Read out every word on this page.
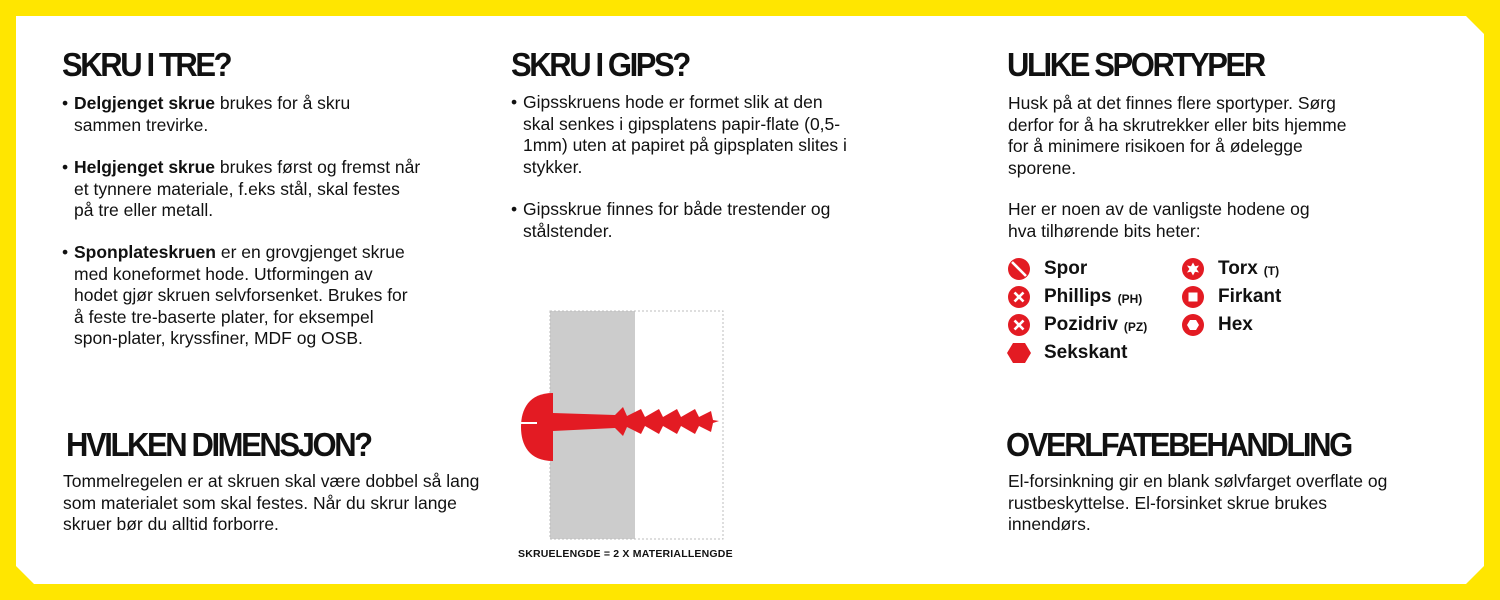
SKRU I TRE?
• Delgjenget skrue brukes for å skru sammen trevirke.
• Helgjenget skrue brukes først og fremst når et tynnere materiale, f.eks stål, skal festes på tre eller metall.
• Sponplateskruen er en grovgjenget skrue med koneformet hode. Utformingen av hodet gjør skruen selvforsenket. Brukes for å feste tre-baserte plater, for eksempel spon-plater, kryssfiner, MDF og OSB.
HVILKEN DIMENSJON?

Tommelregelen er at skruen skal være dobbel så lang som materialet som skal festes. Når du skrur lange skruer bør du alltid forborre.

SKRU I GIPS?
• Gipsskruens hode er formet slik at den skal senkes i gipsplatens papir-flate (0,5-1mm) uten at papiret på gipsplaten slites i stykker.
• Gipsskrue finnes for både trestender og stålstender.
SKRUELENGDE = 2 X MATERIALLENGDE
ULIKE SPORTYPER

Husk på at det finnes flere sportyper. Sørg derfor for å ha skrutrekker eller bits hjemme for å minimere risikoen for å ødelegge sporene.

Her er noen av de vanligste hodene og hva tilhørende bits heter:

Spor
Phillips (PH)
Pozidriv (PZ)
Sekskant
Torx (T)
Firkant
Hex
OVERLFATEBEHANDLING

El-forsinkning gir en blank sølvfarget overflate og rustbeskyttelse. El-forsinket skrue brukes innendørs.
